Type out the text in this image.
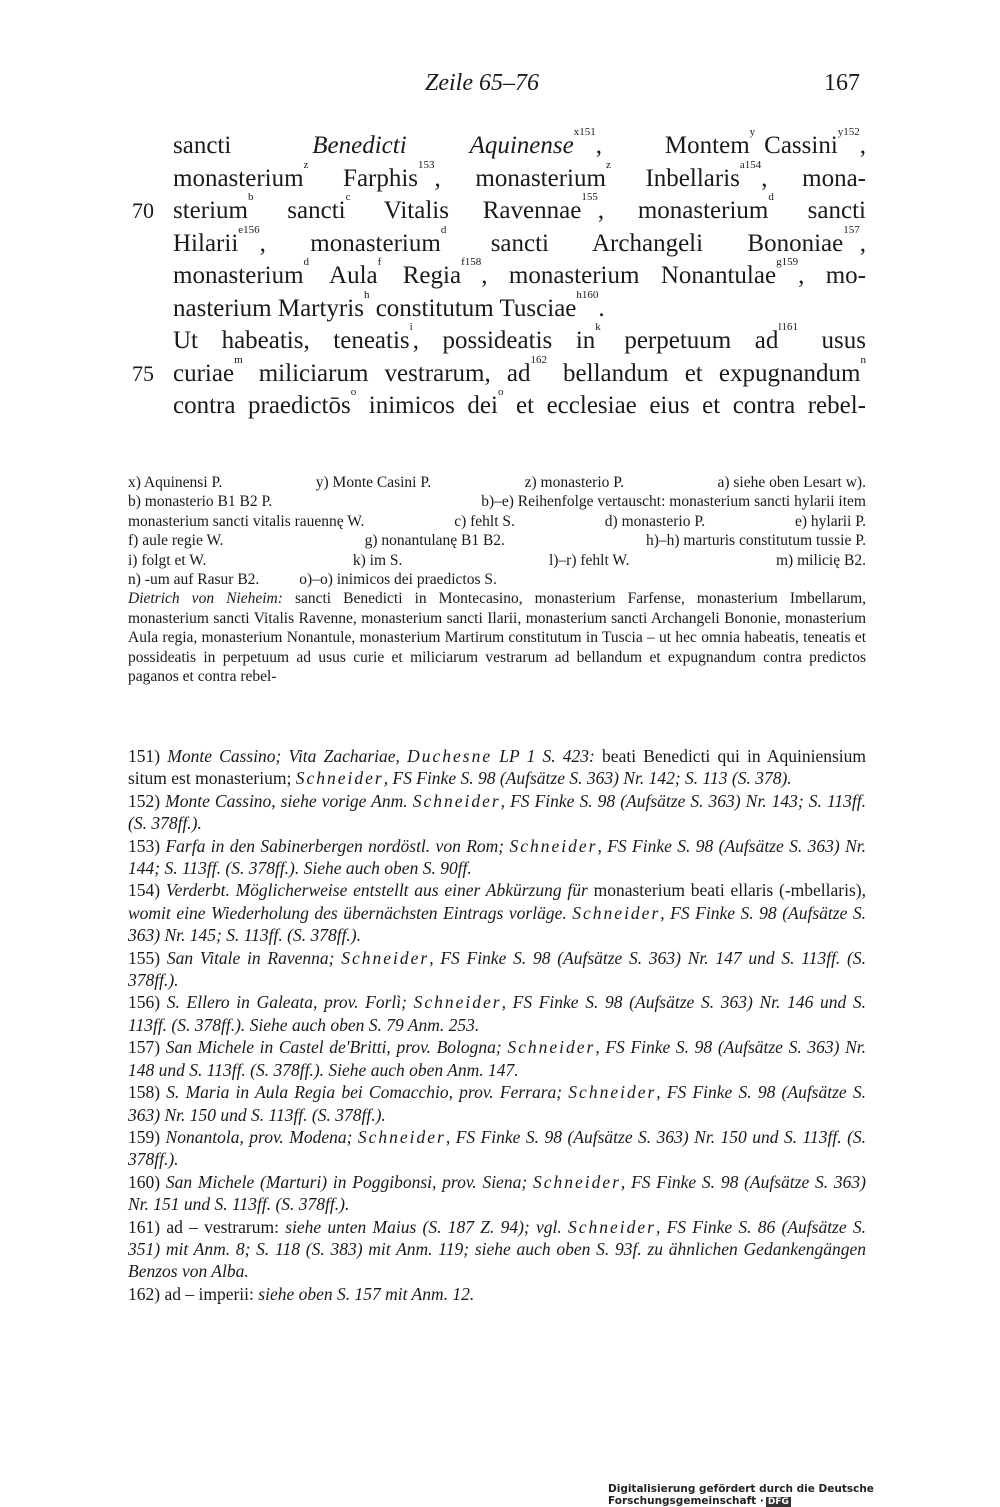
Zeile 65–76	167
sancti	Benedicti	Aquinense$^{x151}$,	Montem$^y$ Cassini$^{y152}$,
monasterium$^z$ Farphis$^{153}$, monasterium$^z$ Inbellaris$^{a154}$, mona-
70 sterium$^b$ sancti$^c$ Vitalis Ravennae$^{155}$, monasterium$^d$ sancti
Hilarii$^{e156}$, monasterium$^d$ sancti Archangeli Bononiae$^{157}$,
monasterium$^d$ Aula$^f$ Regia$^{f158}$, monasterium Nonantulae$^{g159}$, mo-
nasterium Martyris$^h$ constitutum Tusciae$^{h160}$.
Ut habeatis, teneatis$^i$, possideatis $in^k$ perpetuum $ad^{l161}$ usus
75 curiae$^m$ miliciarum vestrarum, $ad^{162}$ bellandum et expugnandum$^n$
contra praedictōs$^o$ inimicos dei$^o$ et ecclesiae eius et contra rebel-
x) Aquinensi P.	y) Monte Casini P.	z) monasterio P.	a) siehe oben Lesart w).
b) monasterio B1 B2 P.	b)–e) Reihenfolge vertauscht: monasterium sancti hylarii item
monasterium sancti vitalis rauennę W.	c) fehlt S.	d) monasterio P.	e) hylarii P.
f) aule regie W.	g) nonantulanę B1 B2.	h)–h) marturis constitutum tussie P.
i) folgt et W.	k) im S.	l)–r) fehlt W.	m) milicię B2.
n) -um auf Rasur B2.	o)–o) inimicos dei praedictos S.

Dietrich von Nieheim: sancti Benedicti in Montecasino, monasterium Farfense, monasterium Imbellarum, monasterium sancti Vitalis Ravenne, monasterium sancti Ilarii, monasterium sancti Archangeli Bononie, monasterium Aula regia, monasterium Nonantule, monasterium Martirum constitutum in Tuscia – ut hec omnia habeatis, teneatis et possideatis in perpetuum ad usus curie et miliciarum vestrarum ad bellandum et expugnandum contra predictos paganos et contra rebel-

151) Monte Cassino; Vita Zachariae, Duchesne LP 1 S. 423: beati Benedicti qui in Aquiniensium situm est monasterium; Schneider, FS Finke S. 98 (Aufsätze S. 363) Nr. 142; S. 113 (S. 378).

152) Monte Cassino, siehe vorige Anm. Schneider, FS Finke S. 98 (Aufsätze S. 363) Nr. 143; S. 113ff. (S. 378ff.).

153) Farfa in den Sabinerbergen nordöstl. von Rom; Schneider, FS Finke S. 98 (Aufsätze S. 363) Nr. 144; S. 113ff. (S. 378ff.). Siehe auch oben S. 90ff.

154) Verderbt. Möglicherweise entstellt aus einer Abkürzung für monasterium beati ellaris (-mbellaris), womit eine Wiederholung des übernächsten Eintrags vorläge. Schneider, FS Finke S. 98 (Aufsätze S. 363) Nr. 145; S. 113ff. (S. 378ff.).

155) San Vitale in Ravenna; Schneider, FS Finke S. 98 (Aufsätze S. 363) Nr. 147 und S. 113ff. (S. 378ff.).

156) S. Ellero in Galeata, prov. Forlì; Schneider, FS Finke S. 98 (Aufsätze S. 363) Nr. 146 und S. 113ff. (S. 378ff.). Siehe auch oben S. 79 Anm. 253.

157) San Michele in Castel de'Britti, prov. Bologna; Schneider, FS Finke S. 98 (Aufsätze S. 363) Nr. 148 und S. 113ff. (S. 378ff.). Siehe auch oben Anm. 147.

158) S. Maria in Aula Regia bei Comacchio, prov. Ferrara; Schneider, FS Finke S. 98 (Aufsätze S. 363) Nr. 150 und S. 113ff. (S. 378ff.).

159) Nonantola, prov. Modena; Schneider, FS Finke S. 98 (Aufsätze S. 363) Nr. 150 und S. 113ff. (S. 378ff.).

160) San Michele (Marturi) in Poggibonsi, prov. Siena; Schneider, FS Finke S. 98 (Aufsätze S. 363) Nr. 151 und S. 113ff. (S. 378ff.).

161) ad – vestrarum: siehe unten Maius (S. 187 Z. 94); vgl. Schneider, FS Finke S. 86 (Aufsätze S. 351) mit Anm. 8; S. 118 (S. 383) mit Anm. 119; siehe auch oben S. 93f. zu ähnlichen Gedankengängen Benzos von Alba.

162) ad – imperii: siehe oben S. 157 mit Anm. 12.

Digitalisierung gefördert durch die Deutsche Forschungsgemeinschaft · DFG
